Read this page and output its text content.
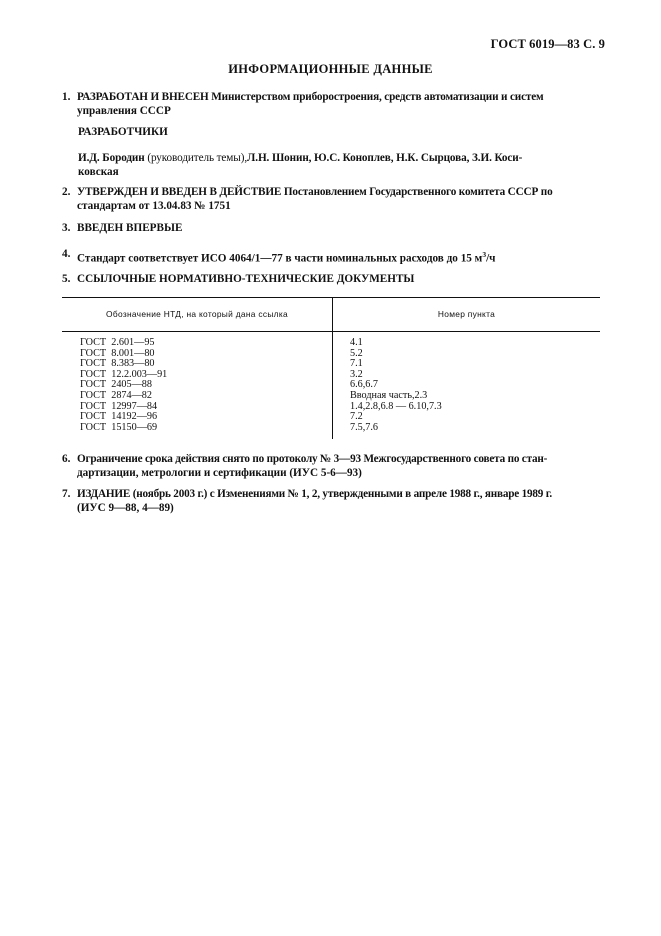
ГОСТ 6019—83 С. 9
ИНФОРМАЦИОННЫЕ ДАННЫЕ
1. РАЗРАБОТАН И ВНЕСЕН Министерством приборостроения, средств автоматизации и систем
управления СССР
РАЗРАБОТЧИКИ
И.Д. Бородин (руководитель темы),Л.Н. Шонин, Ю.С. Коноплев, Н.К. Сырцова, З.И. Коси-
ковская
2. УТВЕРЖДЕН И ВВЕДЕН В ДЕЙСТВИЕ Постановлением Государственного комитета СССР по
стандартам от 13.04.83 № 1751
3. ВВЕДЕН ВПЕРВЫЕ
4. Стандарт соответствует ИСО 4064/1—77 в части номинальных расходов до 15 $м^3/ч$
5. ССЫЛОЧНЫЕ НОРМАТИВНО-ТЕХНИЧЕСКИЕ ДОКУМЕНТЫ
Обозначение НТД, на который дана ссылка	Номер пункта
ГОСТ  2.601—95
ГОСТ  8.001—80
ГОСТ  8.383—80
ГОСТ  12.2.003—91
ГОСТ  2405—88
ГОСТ  2874—82
ГОСТ  12997—84
ГОСТ  14192—96
ГОСТ  15150—69
4.1
5.2
7.1
3.2
6.6,6.7
Вводная часть,2.3
1.4,2.8,6.8 — 6.10,7.3
7.2
7.5,7.6
6. Ограничение срока действия снято по протоколу № 3—93 Межгосударственного совета по стан-
дартизации, метрологии и сертификации (ИУС 5-6—93)
7. ИЗДАНИЕ (ноябрь 2003 г.) с Изменениями № 1, 2, утвержденными в апреле 1988 г., январе 1989 г.
(ИУС 9—88, 4—89)
